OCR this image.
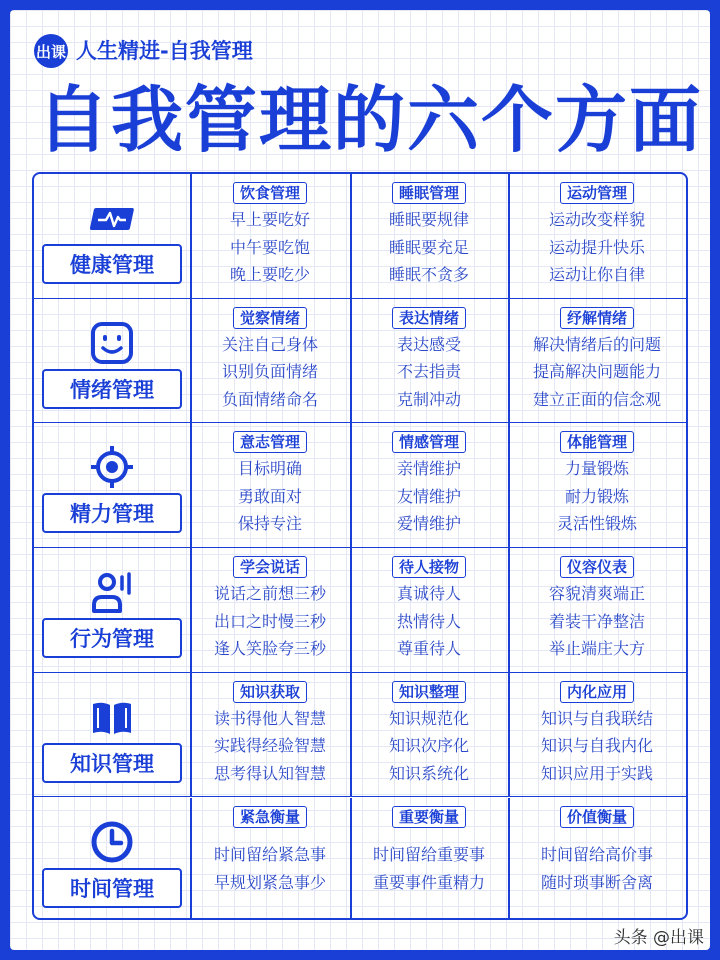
出课 人生精进-自我管理
自我管理的六个方面
健康管理
饮食管理
早上要吃好
中午要吃饱
晚上要吃少
睡眠管理
睡眠要规律
睡眠要充足
睡眠不贪多
运动管理
运动改变样貌
运动提升快乐
运动让你自律
情绪管理
觉察情绪
关注自己身体
识别负面情绪
负面情绪命名
表达情绪
表达感受
不去指责
克制冲动
纾解情绪
解决情绪后的问题
提高解决问题能力
建立正面的信念观
精力管理
意志管理
目标明确
勇敢面对
保持专注
情感管理
亲情维护
友情维护
爱情维护
体能管理
力量锻炼
耐力锻炼
灵活性锻炼
行为管理
学会说话
说话之前想三秒
出口之时慢三秒
逢人笑脸夸三秒
待人接物
真诚待人
热情待人
尊重待人
仪容仪表
容貌清爽端正
着装干净整洁
举止端庄大方
知识管理
知识获取
读书得他人智慧
实践得经验智慧
思考得认知智慧
知识整理
知识规范化
知识次序化
知识系统化
内化应用
知识与自我联结
知识与自我内化
知识应用于实践
时间管理
紧急衡量
时间留给紧急事
早规划紧急事少
重要衡量
时间留给重要事
重要事件重精力
价值衡量
时间留给高价事
随时琐事断舍离
头条 @出课
